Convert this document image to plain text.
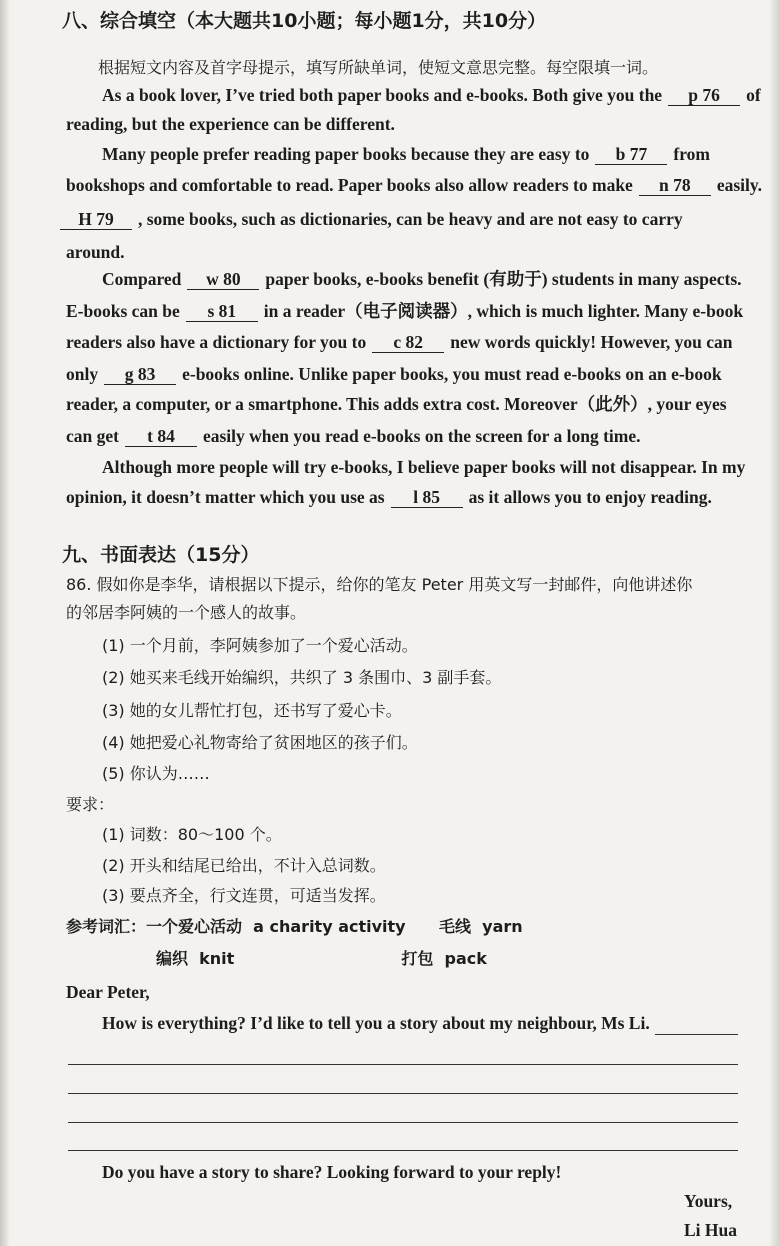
八、综合填空（本大题共10小题；每小题1分，共10分）
根据短文内容及首字母提示，填写所缺单词，使短文意思完整。每空限填一词。
As a book lover, I’ve tried both paper books and e-books. Both give you the p 76 of
reading, but the experience can be different.
Many people prefer reading paper books because they are easy to b 77 from
bookshops and comfortable to read. Paper books also allow readers to make n 78 easily.
H 79 , some books, such as dictionaries, can be heavy and are not easy to carry
around.
Compared w 80 paper books, e-books benefit (有助于) students in many aspects.
E-books can be s 81 in a reader（电子阅读器）, which is much lighter. Many e-book
readers also have a dictionary for you to c 82 new words quickly! However, you can
only g 83 e-books online. Unlike paper books, you must read e-books on an e-book
reader, a computer, or a smartphone. This adds extra cost. Moreover（此外）, your eyes
can get t 84 easily when you read e-books on the screen for a long time.
Although more people will try e-books, I believe paper books will not disappear. In my
opinion, it doesn’t matter which you use as l 85 as it allows you to enjoy reading.
九、书面表达（15分）
86. 假如你是李华，请根据以下提示，给你的笔友 Peter 用英文写一封邮件，向他讲述你
的邻居李阿姨的一个感人的故事。
(1) 一个月前，李阿姨参加了一个爱心活动。
(2) 她买来毛线开始编织，共织了 3 条围巾、3 副手套。
(3) 她的女儿帮忙打包，还书写了爱心卡。
(4) 她把爱心礼物寄给了贫困地区的孩子们。
(5) 你认为……
要求：
(1) 词数：80～100 个。
(2) 开头和结尾已给出，不计入总词数。
(3) 要点齐全，行文连贯，可适当发挥。
参考词汇：一个爱心活动  a charity activity      毛线  yarn
编织  knit                              打包  pack
Dear Peter,
How is everything? I’d like to tell you a story about my neighbour, Ms Li.
Do you have a story to share? Looking forward to your reply!
Yours,
Li Hua
